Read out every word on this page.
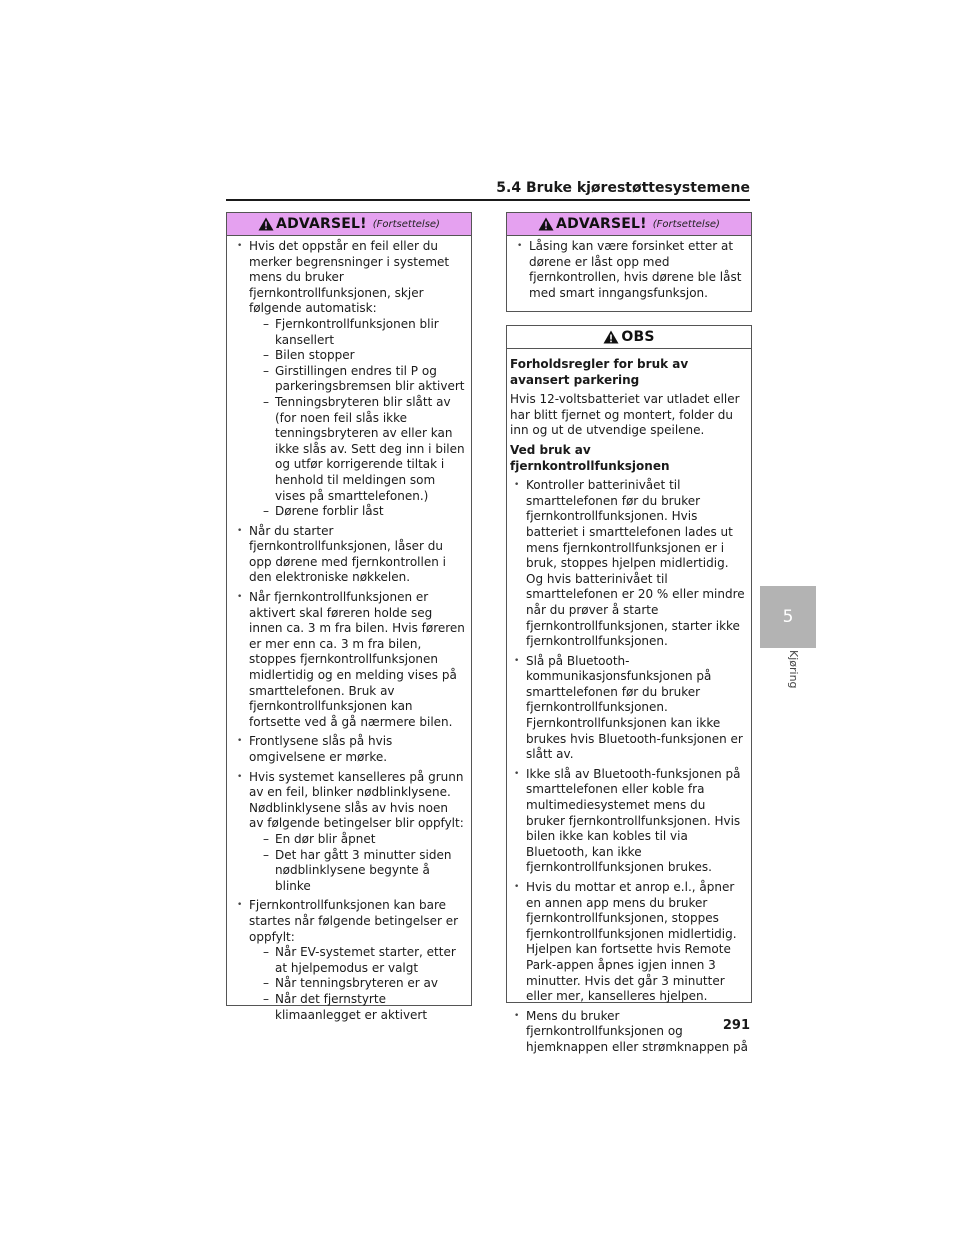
5.4 Bruke kjørestøttesystemene
ADVARSEL! (Fortsettelse)
• Hvis det oppstår en feil eller du merker begrensninger i systemet mens du bruker fjernkontrollfunksjonen, skjer følgende automatisk:
– Fjernkontrollfunksjonen blir kansellert
– Bilen stopper
– Girstillingen endres til P og parkeringsbremsen blir aktivert
– Tenningsbryteren blir slått av (for noen feil slås ikke tenningsbryteren av eller kan ikke slås av. Sett deg inn i bilen og utfør korrigerende tiltak i henhold til meldingen som vises på smarttelefonen.)
– Dørene forblir låst
• Når du starter fjernkontrollfunksjonen, låser du opp dørene med fjernkontrollen i den elektroniske nøkkelen.
• Når fjernkontrollfunksjonen er aktivert skal føreren holde seg innen ca. 3 m fra bilen. Hvis føreren er mer enn ca. 3 m fra bilen, stoppes fjernkontrollfunksjonen midlertidig og en melding vises på smarttelefonen. Bruk av fjernkontrollfunksjonen kan fortsette ved å gå nærmere bilen.
• Frontlysene slås på hvis omgivelsene er mørke.
• Hvis systemet kanselleres på grunn av en feil, blinker nødblinklysene. Nødblinklysene slås av hvis noen av følgende betingelser blir oppfylt:
– En dør blir åpnet
– Det har gått 3 minutter siden nødblinklysene begynte å blinke
• Fjernkontrollfunksjonen kan bare startes når følgende betingelser er oppfylt:
– Når EV-systemet starter, etter at hjelpemodus er valgt
– Når tenningsbryteren er av
– Når det fjernstyrte klimaanlegget er aktivert
ADVARSEL! (Fortsettelse)
• Låsing kan være forsinket etter at dørene er låst opp med fjernkontrollen, hvis dørene ble låst med smart inngangsfunksjon.
OBS
Forholdsregler for bruk av avansert parkering
Hvis 12-voltsbatteriet var utladet eller har blitt fjernet og montert, folder du inn og ut de utvendige speilene.
Ved bruk av fjernkontrollfunksjonen
• Kontroller batterinivået til smarttelefonen før du bruker fjernkontrollfunksjonen. Hvis batteriet i smarttelefonen lades ut mens fjernkontrollfunksjonen er i bruk, stoppes hjelpen midlertidig. Og hvis batterinivået til smarttelefonen er 20 % eller mindre når du prøver å starte fjernkontrollfunksjonen, starter ikke fjernkontrollfunksjonen.
• Slå på Bluetooth-kommunikasjonsfunksjonen på smarttelefonen før du bruker fjernkontrollfunksjonen. Fjernkontrollfunksjonen kan ikke brukes hvis Bluetooth-funksjonen er slått av.
• Ikke slå av Bluetooth-funksjonen på smarttelefonen eller koble fra multimediesystemet mens du bruker fjernkontrollfunksjonen. Hvis bilen ikke kan kobles til via Bluetooth, kan ikke fjernkontrollfunksjonen brukes.
• Hvis du mottar et anrop e.l., åpner en annen app mens du bruker fjernkontrollfunksjonen, stoppes fjernkontrollfunksjonen midlertidig. Hjelpen kan fortsette hvis Remote Park-appen åpnes igjen innen 3 minutter. Hvis det går 3 minutter eller mer, kanselleres hjelpen.
• Mens du bruker fjernkontrollfunksjonen og hjemknappen eller strømknappen på
5
Kjøring
291
